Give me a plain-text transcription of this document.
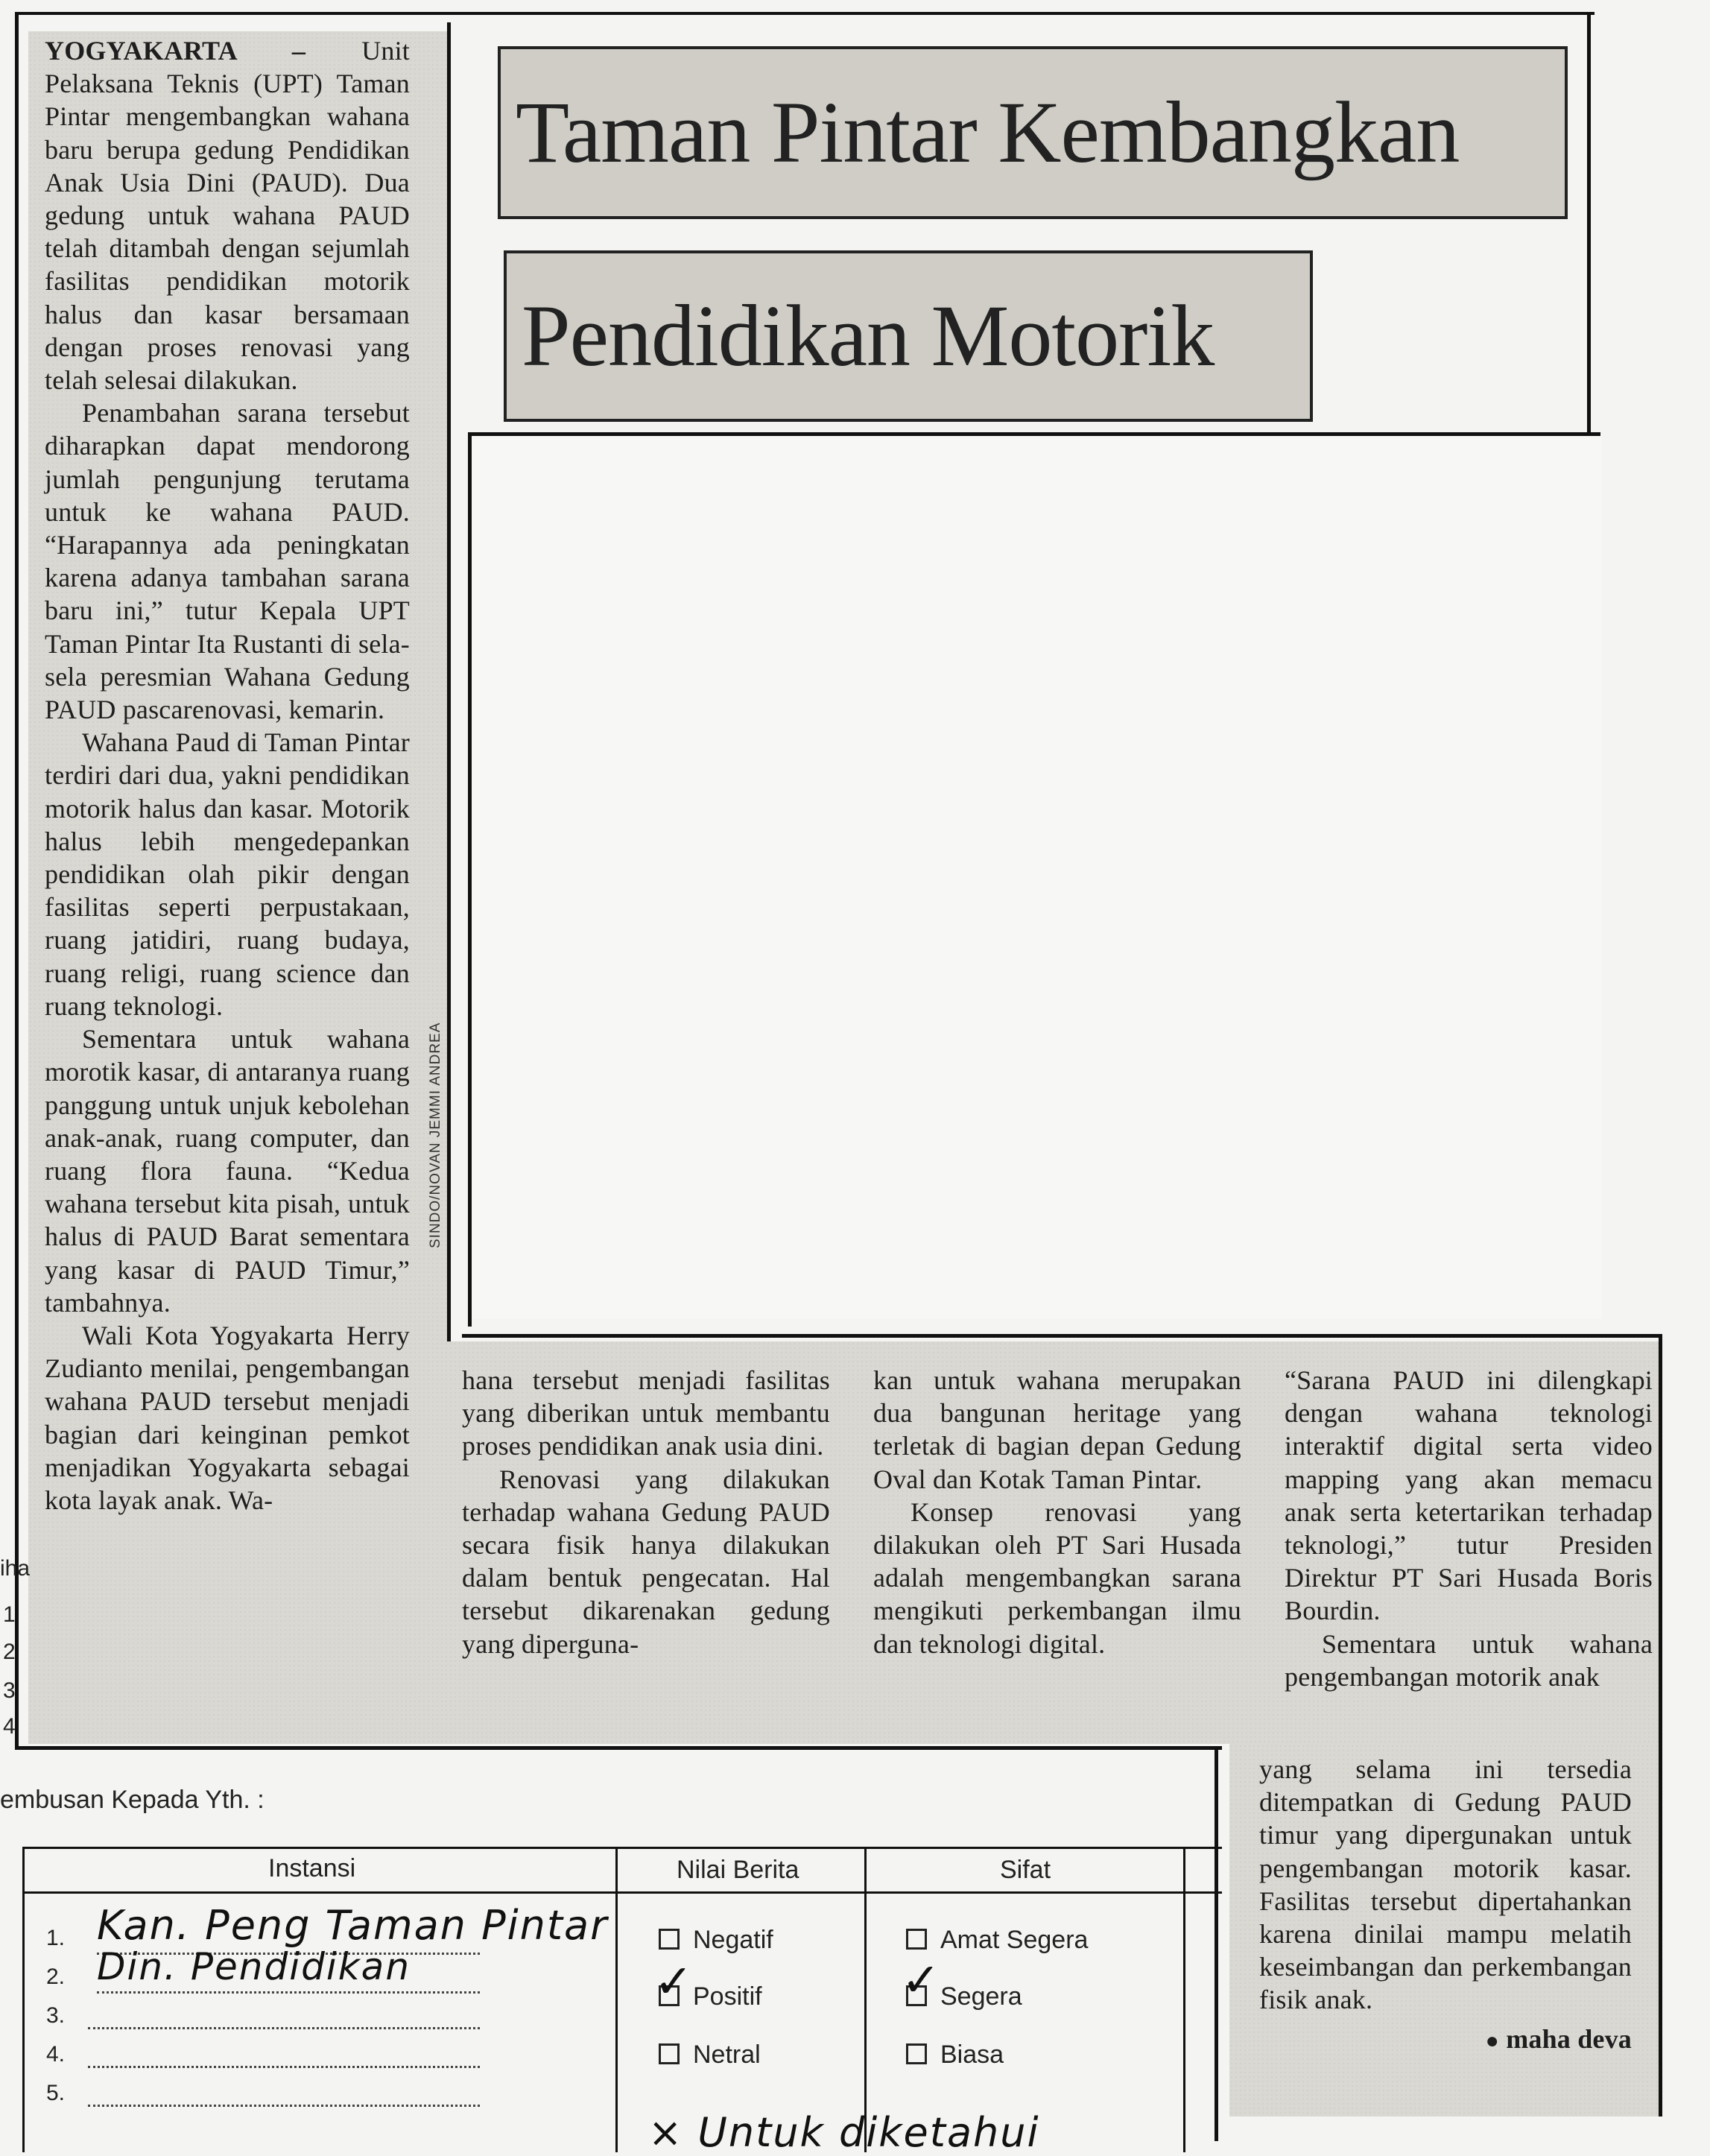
SINDO/NOVAN JEMMI ANDREA
Taman Pintar Kembangkan
Pendidikan Motorik

YOGYAKARTA – Unit Pelaksana Teknis (UPT) Taman Pintar mengembangkan wahana baru berupa gedung Pendidikan Anak Usia Dini (PAUD). Dua gedung untuk wahana PAUD telah ditambah dengan sejumlah fasilitas pendidikan motorik halus dan kasar bersamaan dengan proses renovasi yang telah selesai dilakukan.

Penambahan sarana tersebut diharapkan dapat mendorong jumlah pengunjung terutama untuk ke wahana PAUD. “Harapannya ada peningkatan karena adanya tambahan sarana baru ini,” tutur Kepala UPT Taman Pintar Ita Rustanti di sela-sela peresmian Wahana Gedung PAUD pascarenovasi, kemarin.

Wahana Paud di Taman Pintar terdiri dari dua, yakni pendidikan motorik halus dan kasar. Motorik halus lebih mengedepankan pendidikan olah pikir dengan fasilitas seperti perpustakaan, ruang jatidiri, ruang budaya, ruang religi, ruang science dan ruang teknologi.

Sementara untuk wahana morotik kasar, di antaranya ruang panggung untuk unjuk kebolehan anak-anak, ruang computer, dan ruang flora fauna. “Kedua wahana tersebut kita pisah, untuk halus di PAUD Barat sementara yang kasar di PAUD Timur,” tambahnya.

Wali Kota Yogyakarta Herry Zudianto menilai, pengembangan wahana PAUD tersebut menjadi bagian dari keinginan pemkot menjadikan Yogyakarta sebagai kota layak anak. Wa-

hana tersebut menjadi fasilitas yang diberikan untuk membantu proses pendidikan anak usia dini.

Renovasi yang dilakukan terhadap wahana Gedung PAUD secara fisik hanya dilakukan dalam bentuk pengecatan. Hal tersebut dikarenakan gedung yang diperguna-

kan untuk wahana merupakan dua bangunan heritage yang terletak di bagian depan Gedung Oval dan Kotak Taman Pintar.

Konsep renovasi yang dilakukan oleh PT Sari Husada adalah mengembangkan sarana mengikuti perkembangan ilmu dan teknologi digital.

“Sarana PAUD ini dilengkapi dengan wahana teknologi interaktif digital serta video mapping yang akan memacu anak serta ketertarikan terhadap teknologi,” tutur Presiden Direktur PT Sari Husada Boris Bourdin.

Sementara untuk wahana pengembangan motorik anak

yang selama ini tersedia ditempatkan di Gedung PAUD timur yang dipergunakan untuk pengembangan motorik kasar. Fasilitas tersebut dipertahankan karena dinilai mampu melatih keseimbangan dan perkembangan fisik anak.

● maha deva

iha
1
2
3
4
embusan Kepada Yth. :
Instansi	Nilai Berita	Sifat
1.
2.
3.
4.
5.
Kan. Peng Taman Pintar
Din. Pendidikan
× Untuk diketahui
Negatif
✓ Positif
Netral
Amat Segera
✓ Segera
Biasa
